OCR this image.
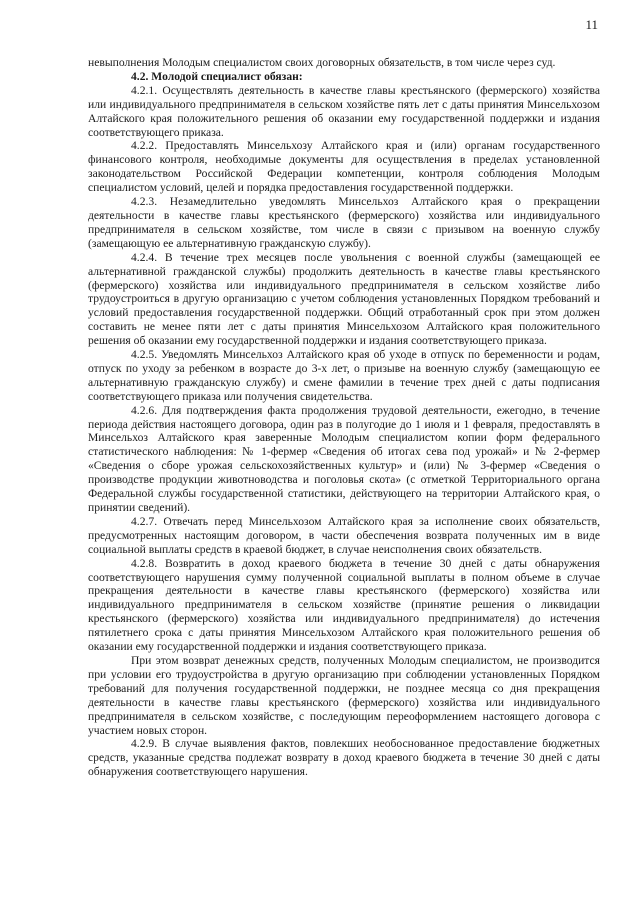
11

невыполнения Молодым специалистом своих договорных обязательств, в том числе через суд.

4.2. Молодой специалист обязан:

4.2.1. Осуществлять деятельность в качестве главы крестьянского (фермерского) хозяйства или индивидуального предпринимателя в сельском хозяйстве пять лет с даты принятия Минсельхозом Алтайского края положительного решения об оказании ему государственной поддержки и издания соответствующего приказа.

4.2.2. Предоставлять Минсельхозу Алтайского края и (или) органам государственного финансового контроля, необходимые документы для осуществления в пределах установленной законодательством Российской Федерации компетенции, контроля соблюдения Молодым специалистом условий, целей и порядка предоставления государственной поддержки.

4.2.3. Незамедлительно уведомлять Минсельхоз Алтайского края о прекращении деятельности в качестве главы крестьянского (фермерского) хозяйства или индивидуального предпринимателя в сельском хозяйстве, том числе в связи с призывом на военную службу (замещающую ее альтернативную гражданскую службу).

4.2.4. В течение трех месяцев после увольнения с военной службы (замещающей ее альтернативной гражданской службы) продолжить деятельность в качестве главы крестьянского (фермерского) хозяйства или индивидуального предпринимателя в сельском хозяйстве либо трудоустроиться в другую организацию с учетом соблюдения установленных Порядком требований и условий предоставления государственной поддержки. Общий отработанный срок при этом должен составить не менее пяти лет с даты принятия Минсельхозом Алтайского края положительного решения об оказании ему государственной поддержки и издания соответствующего приказа.

4.2.5. Уведомлять Минсельхоз Алтайского края об уходе в отпуск по беременности и родам, отпуск по уходу за ребенком в возрасте до 3-х лет, о призыве на военную службу (замещающую ее альтернативную гражданскую службу) и смене фамилии в течение трех дней с даты подписания соответствующего приказа или получения свидетельства.

4.2.6. Для подтверждения факта продолжения трудовой деятельности, ежегодно, в течение периода действия настоящего договора, один раз в полугодие до 1 июля и 1 февраля, предоставлять в Минсельхоз Алтайского края заверенные Молодым специалистом копии форм федерального статистического наблюдения: № 1-фермер «Сведения об итогах сева под урожай» и № 2-фермер «Сведения о сборе урожая сельскохозяйственных культур» и (или) № 3-фермер «Сведения о производстве продукции животноводства и поголовья скота» (с отметкой Территориального органа Федеральной службы государственной статистики, действующего на территории Алтайского края, о принятии сведений).

4.2.7. Отвечать перед Минсельхозом Алтайского края за исполнение своих обязательств, предусмотренных настоящим договором, в части обеспечения возврата полученных им в виде социальной выплаты средств в краевой бюджет, в случае неисполнения своих обязательств.

4.2.8. Возвратить в доход краевого бюджета в течение 30 дней с даты обнаружения соответствующего нарушения сумму полученной социальной выплаты в полном объеме в случае прекращения деятельности в качестве главы крестьянского (фермерского) хозяйства или индивидуального предпринимателя в сельском хозяйстве (принятие решения о ликвидации крестьянского (фермерского) хозяйства или индивидуального предпринимателя) до истечения пятилетнего срока с даты принятия Минсельхозом Алтайского края положительного решения об оказании ему государственной поддержки и издания соответствующего приказа.

При этом возврат денежных средств, полученных Молодым специалистом, не производится при условии его трудоустройства в другую организацию при соблюдении установленных Порядком требований для получения государственной поддержки, не позднее месяца со дня прекращения деятельности в качестве главы крестьянского (фермерского) хозяйства или индивидуального предпринимателя в сельском хозяйстве, с последующим переоформлением настоящего договора с участием новых сторон.

4.2.9. В случае выявления фактов, повлекших необоснованное предоставление бюджетных средств, указанные средства подлежат возврату в доход краевого бюджета в течение 30 дней с даты обнаружения соответствующего нарушения.
